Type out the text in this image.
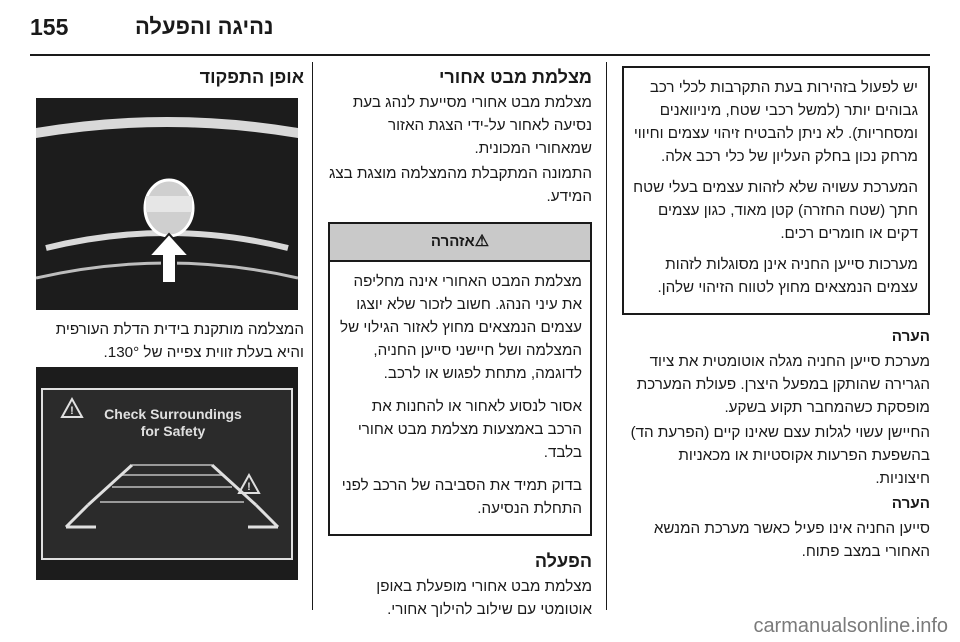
155	נהיגה והפעלה

יש לפעול בזהירות בעת התקרבות לכלי רכב גבוהים יותר (למשל רכבי שטח, מיניוואנים ומסחריות). לא ניתן להבטיח זיהוי עצמים וחיווי מרחק נכון בחלק העליון של כלי רכב אלה.

המערכת עשויה שלא לזהות עצמים בעלי שטח חתך (שטח החזרה) קטן מאוד, כגון עצמים דקים או חומרים רכים.

מערכות סייען החניה אינן מסוגלות לזהות עצמים הנמצאים מחוץ לטווח הזיהוי שלהן.

הערה

מערכת סייען החניה מגלה אוטומטית את ציוד הגרירה שהותקן במפעל היצרן. פעולת המערכת מופסקת כשהמחבר תקוע בשקע.

החיישן עשוי לגלות עצם שאינו קיים (הפרעת הד) בהשפעת הפרעות אקוסטיות או מכאניות חיצוניות.

הערה

סייען החניה אינו פעיל כאשר מערכת המנשא האחורי במצב פתוח.

מצלמת מבט אחורי

מצלמת מבט אחורי מסייעת לנהג בעת נסיעה לאחור על-ידי הצגת האזור שמאחורי המכונית.

התמונה המתקבלת מהמצלמה מוצגת בצג המידע.

⚠אזהרה

מצלמת המבט האחורי אינה מחליפה את עיני הנהג. חשוב לזכור שלא יוצגו עצמים הנמצאים מחוץ לאזור הגילוי של המצלמה ושל חיישני סייען החניה, לדוגמה, מתחת לפגוש או לרכב.

אסור לנסוע לאחור או להחנות את הרכב באמצעות מצלמת מבט אחורי בלבד.

בדוק תמיד את הסביבה של הרכב לפני התחלת הנסיעה.

הפעלה

מצלמת מבט אחורי מופעלת באופן אוטומטי עם שילוב להילוך אחורי.

אופן התפקוד

המצלמה מותקנת בידית הדלת העורפית והיא בעלת זווית צפייה של 130°.
!
!
Check Surroundings
for Safety
carmanualsonline.info
